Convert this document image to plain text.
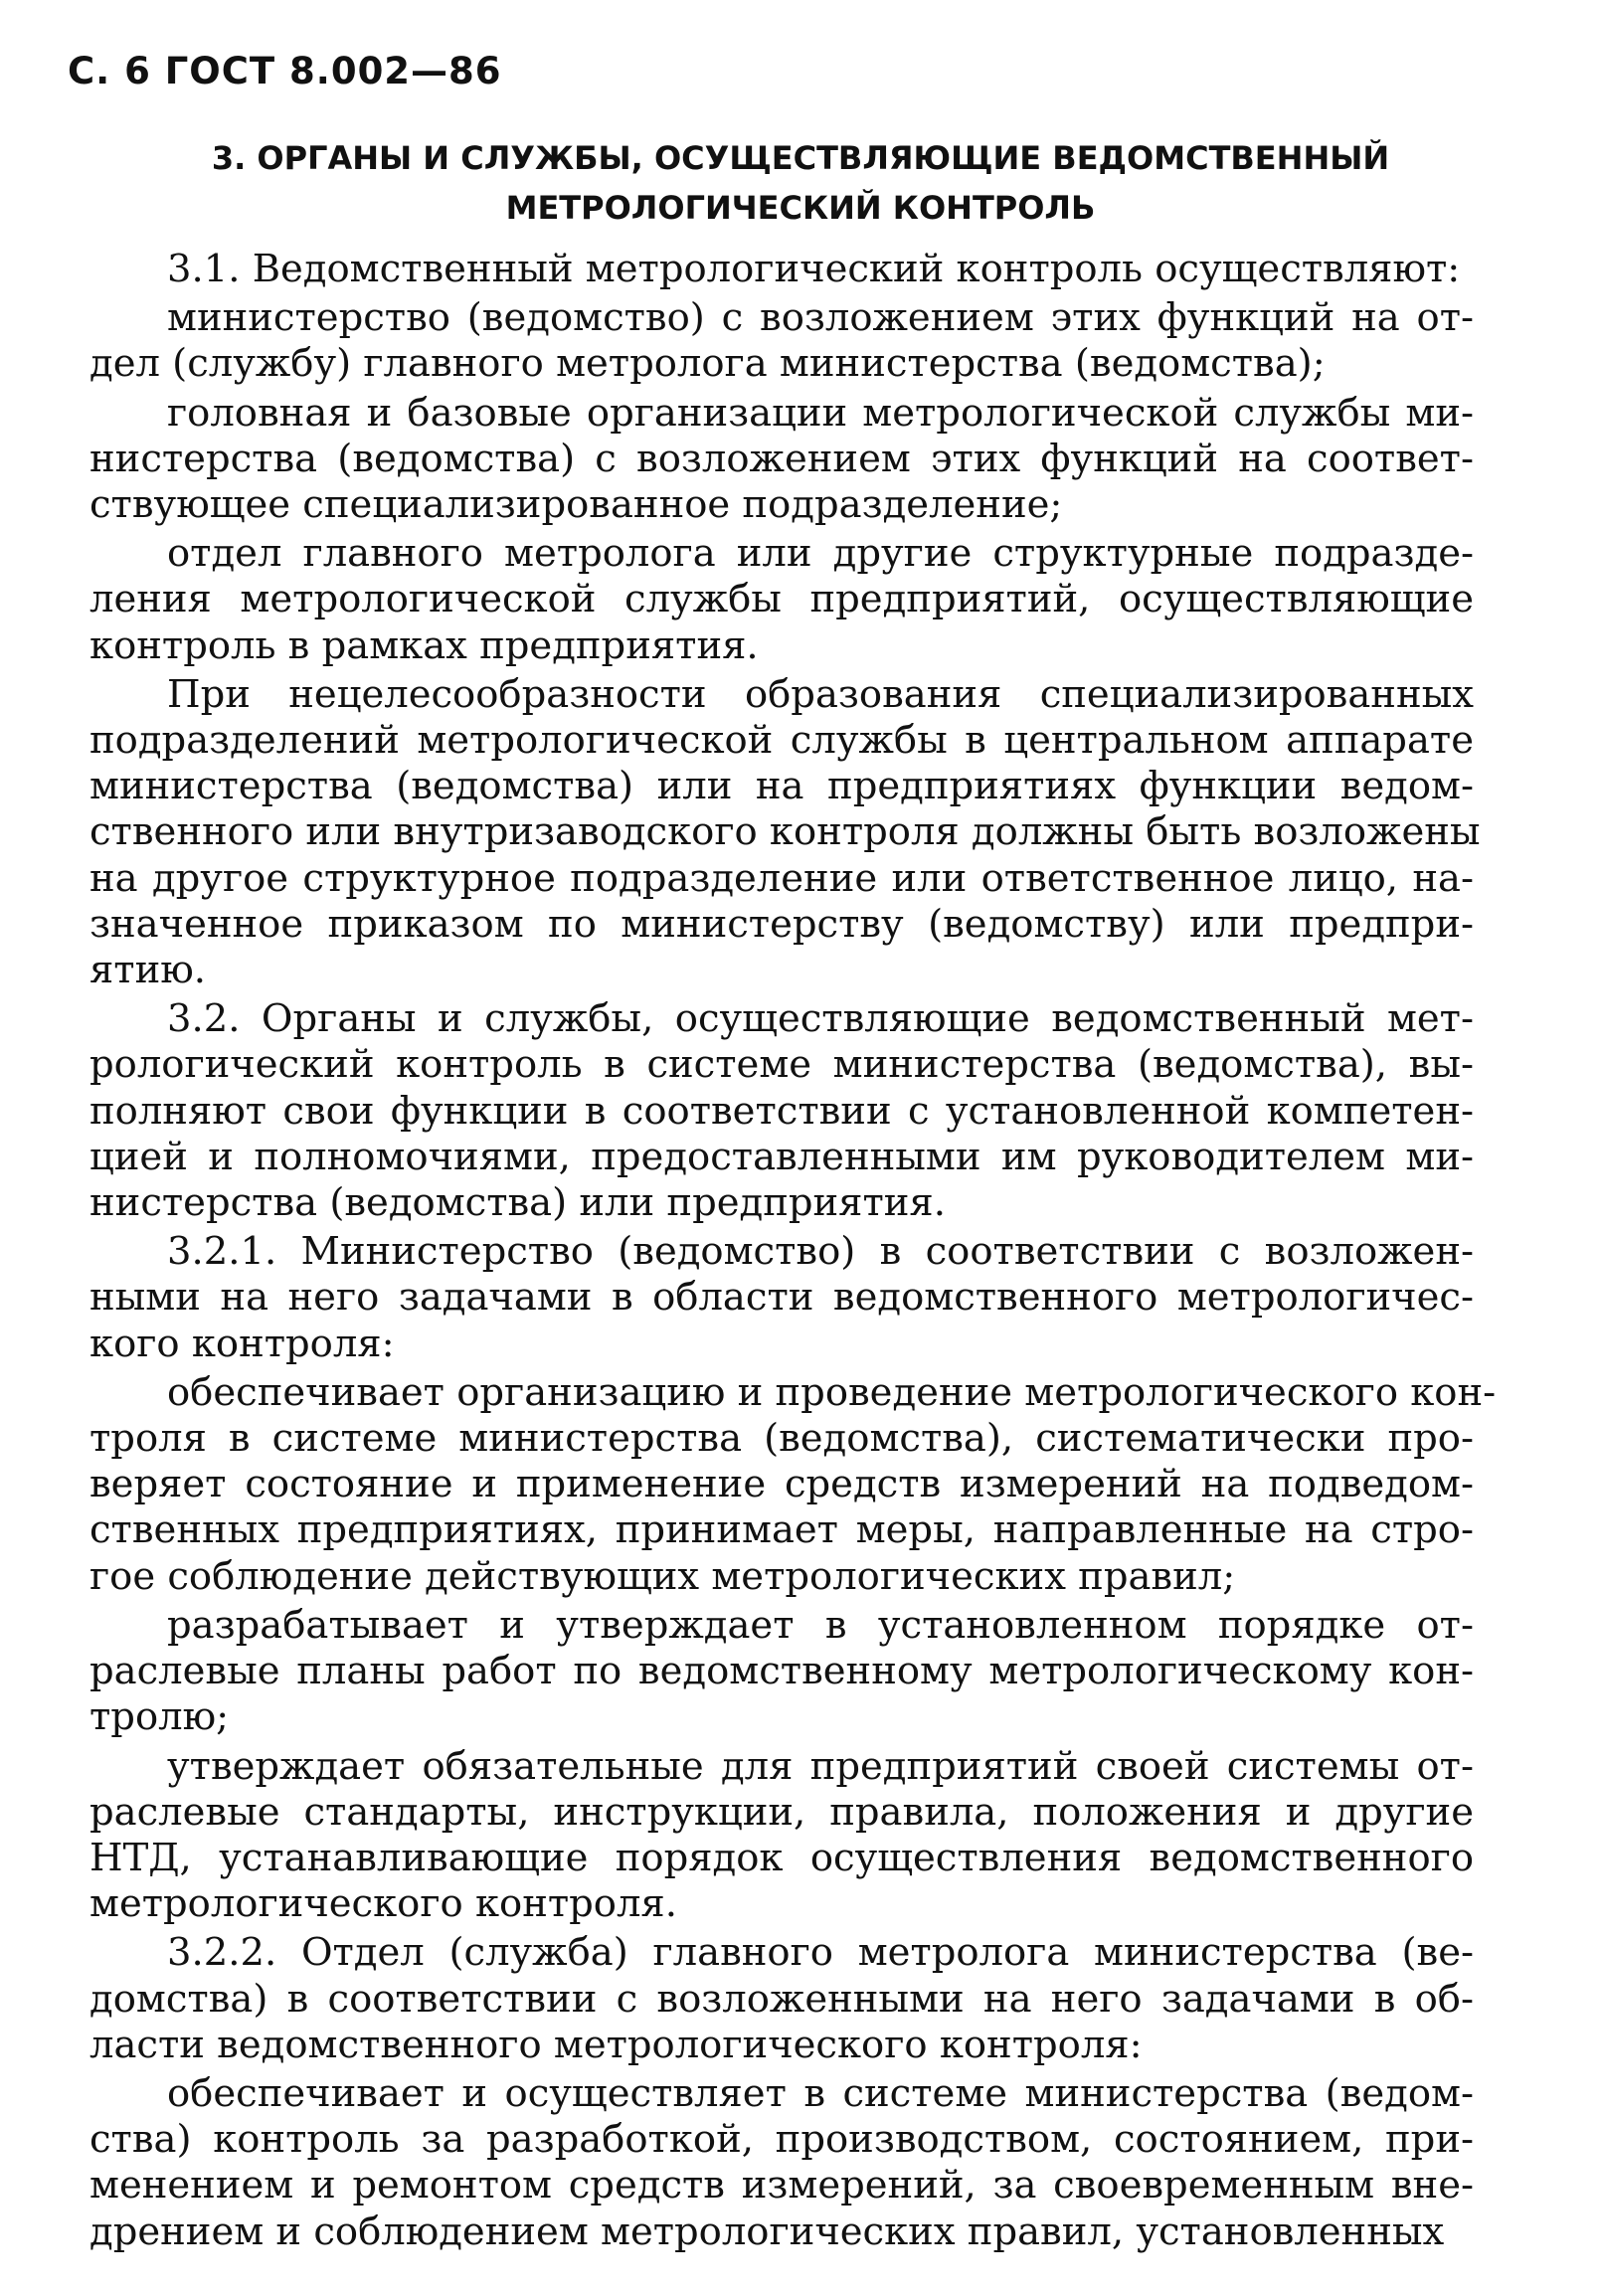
С. 6 ГОСТ 8.002—86
3. ОРГАНЫ И СЛУЖБЫ, ОСУЩЕСТВЛЯЮЩИЕ ВЕДОМСТВЕННЫЙ
МЕТРОЛОГИЧЕСКИЙ КОНТРОЛЬ
3.1. Ведомственный метрологический контроль осуществляют:
министерство (ведомство) с возложением этих функций на от-
дел (службу) главного метролога министерства (ведомства);
головная и базовые организации метрологической службы ми-
нистерства (ведомства) с возложением этих функций на соответ-
ствующее специализированное подразделение;
отдел главного метролога или другие структурные подразде-
ления метрологической службы предприятий, осуществляющие
контроль в рамках предприятия.
При нецелесообразности образования специализированных
подразделений метрологической службы в центральном аппарате
министерства (ведомства) или на предприятиях функции ведом-
ственного или внутризаводского контроля должны быть возложены
на другое структурное подразделение или ответственное лицо, на-
значенное приказом по министерству (ведомству) или предпри-
ятию.
3.2. Органы и службы, осуществляющие ведомственный мет-
рологический контроль в системе министерства (ведомства), вы-
полняют свои функции в соответствии с установленной компетен-
цией и полномочиями, предоставленными им руководителем ми-
нистерства (ведомства) или предприятия.
3.2.1. Министерство (ведомство) в соответствии с возложен-
ными на него задачами в области ведомственного метрологичес-
кого контроля:
обеспечивает организацию и проведение метрологического кон-
троля в системе министерства (ведомства), систематически про-
веряет состояние и применение средств измерений на подведом-
ственных предприятиях, принимает меры, направленные на стро-
гое соблюдение действующих метрологических правил;
разрабатывает и утверждает в установленном порядке от-
раслевые планы работ по ведомственному метрологическому кон-
тролю;
утверждает обязательные для предприятий своей системы от-
раслевые стандарты, инструкции, правила, положения и другие
НТД, устанавливающие порядок осуществления ведомственного
метрологического контроля.
3.2.2. Отдел (служба) главного метролога министерства (ве-
домства) в соответствии с возложенными на него задачами в об-
ласти ведомственного метрологического контроля:
обеспечивает и осуществляет в системе министерства (ведом-
ства) контроль за разработкой, производством, состоянием, при-
менением и ремонтом средств измерений, за своевременным вне-
дрением и соблюдением метрологических правил, установленных
